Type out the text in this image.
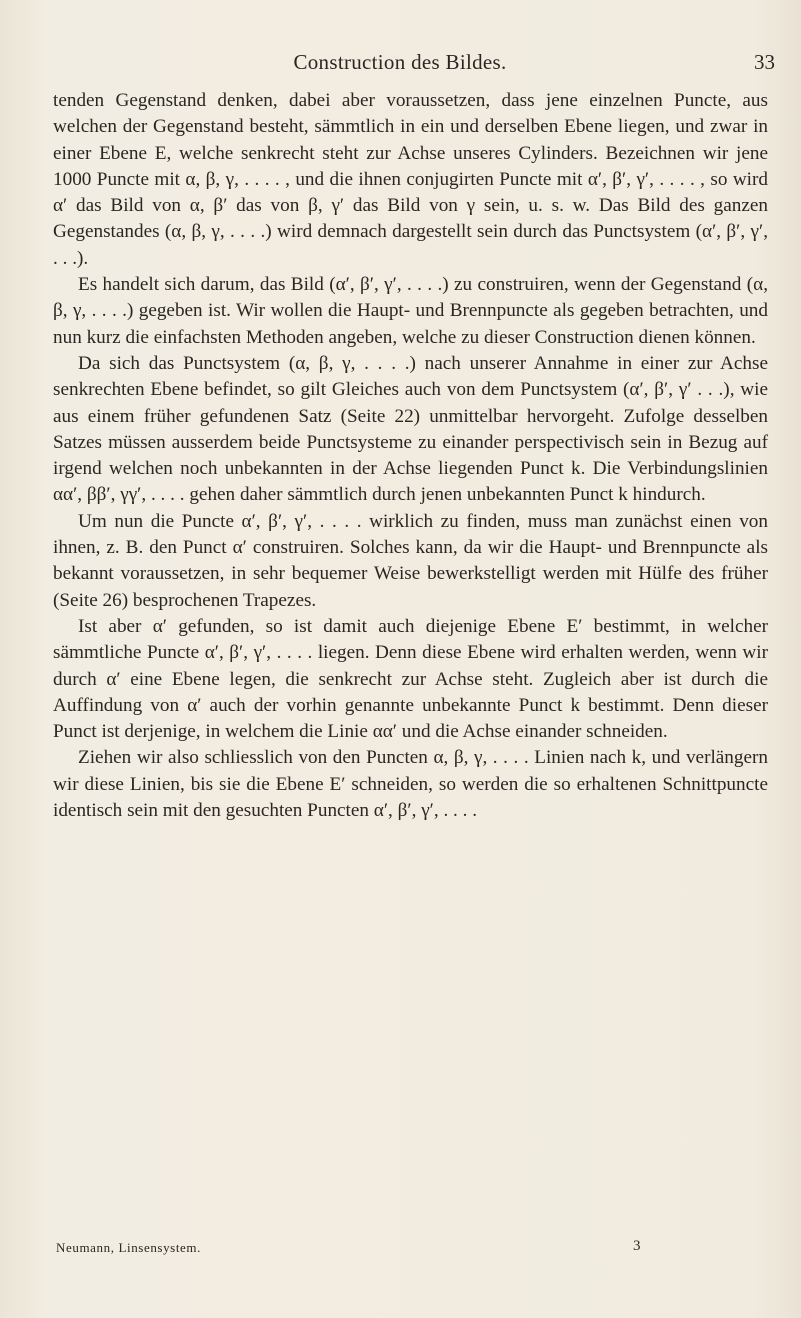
Construction des Bildes.	33

tenden Gegenstand denken, dabei aber voraussetzen, dass jene einzelnen Puncte, aus welchen der Gegenstand besteht, sämmtlich in ein und derselben Ebene liegen, und zwar in einer Ebene E, welche senkrecht steht zur Achse unseres Cylinders. Bezeichnen wir jene 1000 Puncte mit α, β, γ, . . . . , und die ihnen conjugirten Puncte mit α′, β′, γ′, . . . . , so wird α′ das Bild von α, β′ das von β, γ′ das Bild von γ sein, u. s. w. Das Bild des ganzen Gegenstandes (α, β, γ, . . . .) wird demnach dargestellt sein durch das Punctsystem (α′, β′, γ′, . . .).

Es handelt sich darum, das Bild (α′, β′, γ′, . . . .) zu construiren, wenn der Gegenstand (α, β, γ, . . . .) gegeben ist. Wir wollen die Haupt- und Brennpuncte als gegeben betrachten, und nun kurz die einfachsten Methoden angeben, welche zu dieser Construction dienen können.

Da sich das Punctsystem (α, β, γ, . . . .) nach unserer Annahme in einer zur Achse senkrechten Ebene befindet, so gilt Gleiches auch von dem Punctsystem (α′, β′, γ′ . . .), wie aus einem früher gefundenen Satz (Seite 22) unmittelbar hervorgeht. Zufolge desselben Satzes müssen ausserdem beide Punctsysteme zu einander perspectivisch sein in Bezug auf irgend welchen noch unbekannten in der Achse liegenden Punct k. Die Verbindungslinien αα′, ββ′, γγ′, . . . . gehen daher sämmtlich durch jenen unbekannten Punct k hindurch.

Um nun die Puncte α′, β′, γ′, . . . . wirklich zu finden, muss man zunächst einen von ihnen, z. B. den Punct α′ construiren. Solches kann, da wir die Haupt- und Brennpuncte als bekannt voraussetzen, in sehr bequemer Weise bewerkstelligt werden mit Hülfe des früher (Seite 26) besprochenen Trapezes.

Ist aber α′ gefunden, so ist damit auch diejenige Ebene E′ bestimmt, in welcher sämmtliche Puncte α′, β′, γ′, . . . . liegen. Denn diese Ebene wird erhalten werden, wenn wir durch α′ eine Ebene legen, die senkrecht zur Achse steht. Zugleich aber ist durch die Auffindung von α′ auch der vorhin genannte unbekannte Punct k bestimmt. Denn dieser Punct ist derjenige, in welchem die Linie αα′ und die Achse einander schneiden.

Ziehen wir also schliesslich von den Puncten α, β, γ, . . . . Linien nach k, und verlängern wir diese Linien, bis sie die Ebene E′ schneiden, so werden die so erhaltenen Schnittpuncte identisch sein mit den gesuchten Puncten α′, β′, γ′, . . . .

Neumann, Linsensystem.	3
